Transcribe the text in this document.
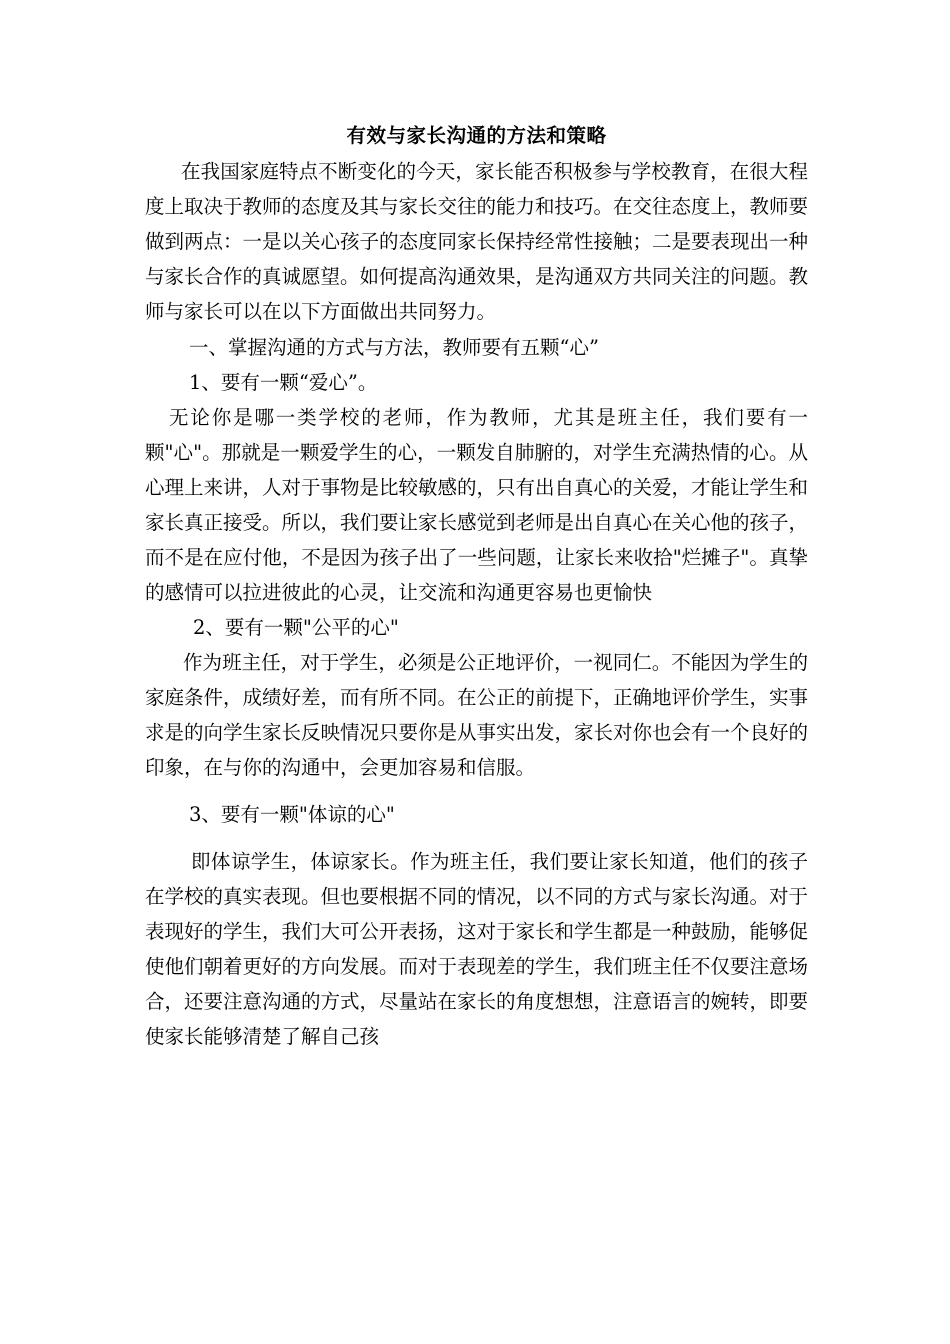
有效与家长沟通的方法和策略

在我国家庭特点不断变化的今天，家长能否积极参与学校教育，在很大程度上取决于教师的态度及其与家长交往的能力和技巧。在交往态度上，教师要做到两点：一是以关心孩子的态度同家长保持经常性接触；二是要表现出一种与家长合作的真诚愿望。如何提高沟通效果，是沟通双方共同关注的问题。教师与家长可以在以下方面做出共同努力。

一、掌握沟通的方式与方法，教师要有五颗“心”

1、要有一颗“爱心”。

无论你是哪一类学校的老师，作为教师，尤其是班主任，我们要有一颗"心"。那就是一颗爱学生的心，一颗发自肺腑的，对学生充满热情的心。从心理上来讲，人对于事物是比较敏感的，只有出自真心的关爱，才能让学生和家长真正接受。所以，我们要让家长感觉到老师是出自真心在关心他的孩子，而不是在应付他，不是因为孩子出了一些问题，让家长来收拾"烂摊子"。真挚的感情可以拉进彼此的心灵，让交流和沟通更容易也更愉快

2、要有一颗"公平的心"

作为班主任，对于学生，必须是公正地评价，一视同仁。不能因为学生的家庭条件，成绩好差，而有所不同。在公正的前提下，正确地评价学生，实事求是的向学生家长反映情况只要你是从事实出发，家长对你也会有一个良好的印象，在与你的沟通中，会更加容易和信服。

3、要有一颗"体谅的心"

即体谅学生，体谅家长。作为班主任，我们要让家长知道，他们的孩子在学校的真实表现。但也要根据不同的情况，以不同的方式与家长沟通。对于表现好的学生，我们大可公开表扬，这对于家长和学生都是一种鼓励，能够促使他们朝着更好的方向发展。而对于表现差的学生，我们班主任不仅要注意场合，还要注意沟通的方式，尽量站在家长的角度想想，注意语言的婉转，即要使家长能够清楚了解自己孩
